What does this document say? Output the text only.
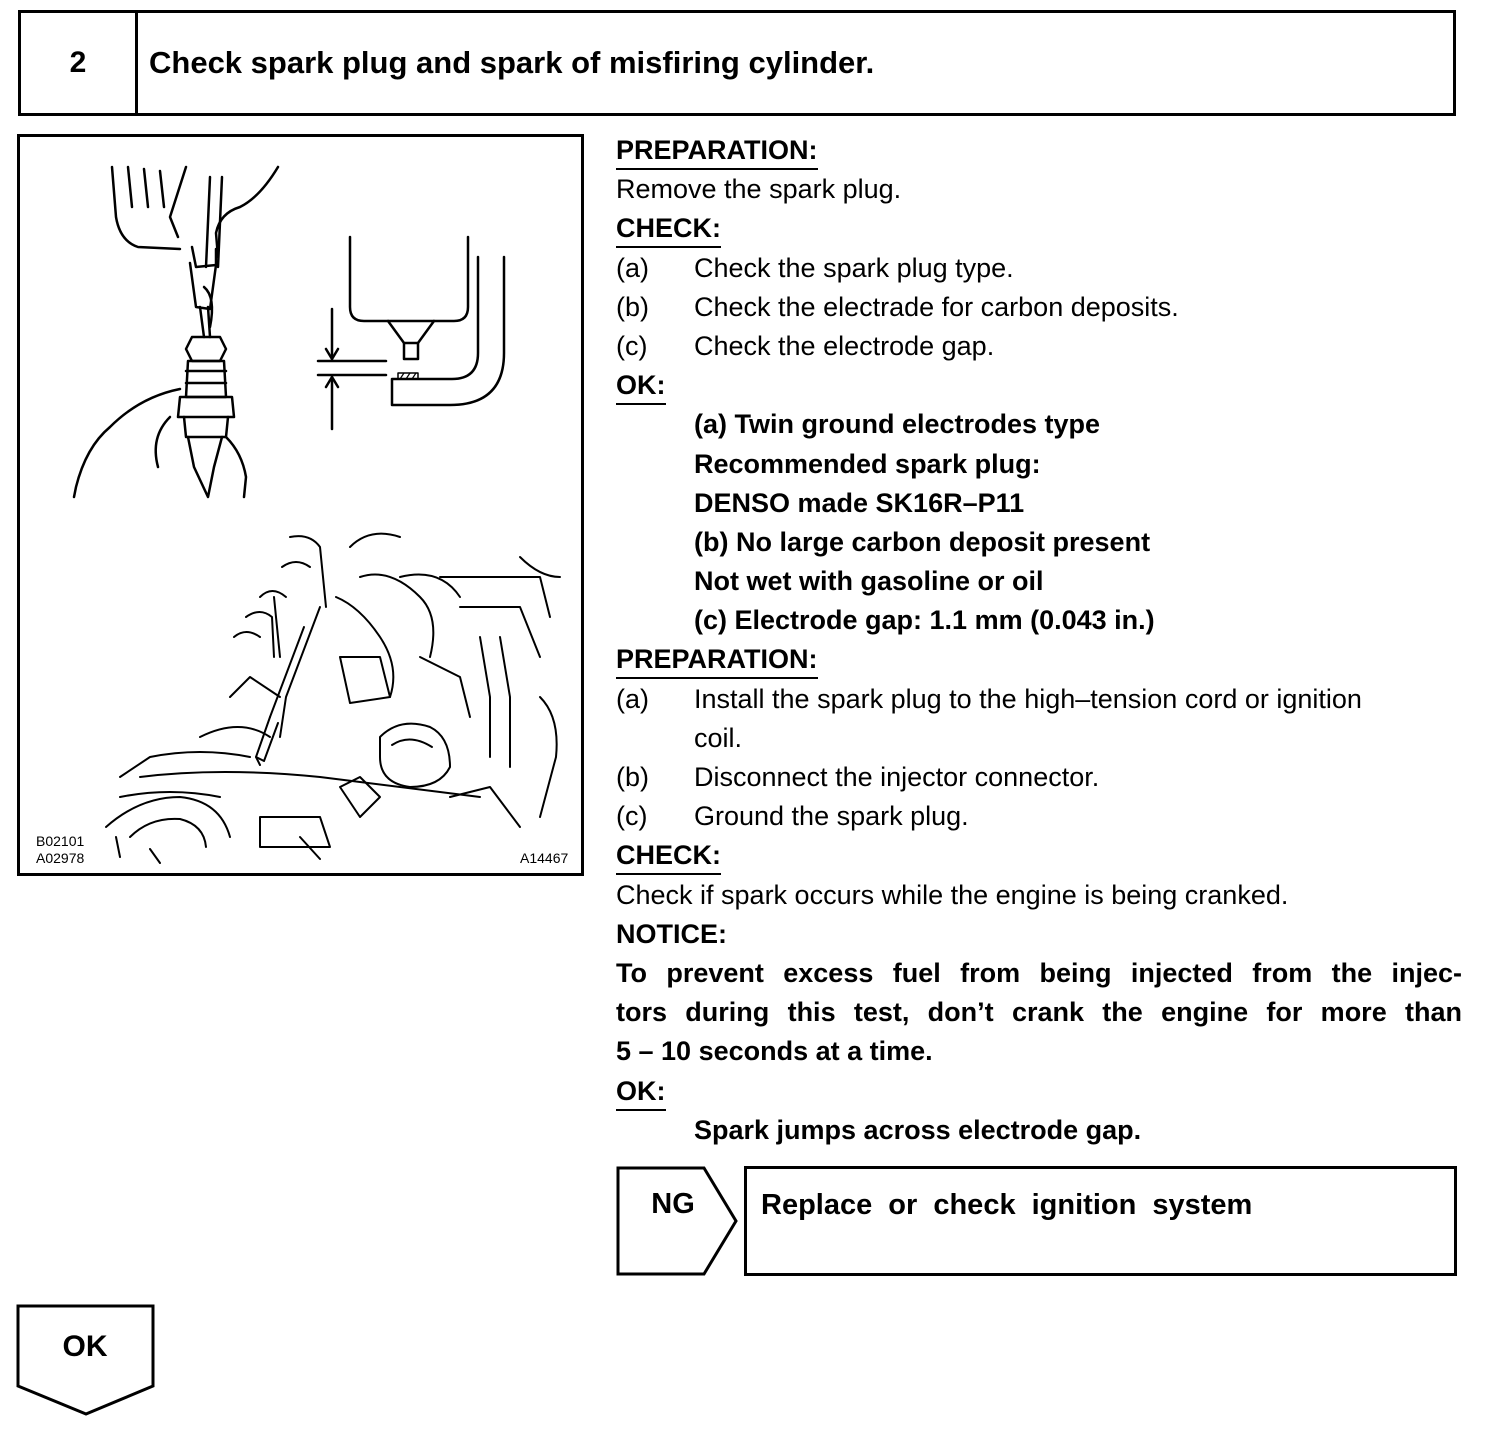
2	Check spark plug and spark of misfiring cylinder.
B02101
A02978	A14467
PREPARATION:
Remove the spark plug.
CHECK:
(a)	Check the spark plug type.
(b)	Check the electrade for carbon deposits.
(c)	Check the electrode gap.
OK:
(a) Twin ground electrodes type
Recommended spark plug:
DENSO made SK16R–P11
(b) No large carbon deposit present
Not wet with gasoline or oil
(c) Electrode gap: 1.1 mm (0.043 in.)
PREPARATION:
(a)	Install the spark plug to the high–tension cord or ignition
coil.
(b)	Disconnect the injector connector.
(c)	Ground the spark plug.
CHECK:
Check if spark occurs while the engine is being cranked.
NOTICE:
To prevent excess fuel from being injected from the injec-
tors during this test, don’t crank the engine for more than
5 – 10 seconds at a time.
OK:
Spark jumps across electrode gap.
NG	Replace or check ignition system
OK
